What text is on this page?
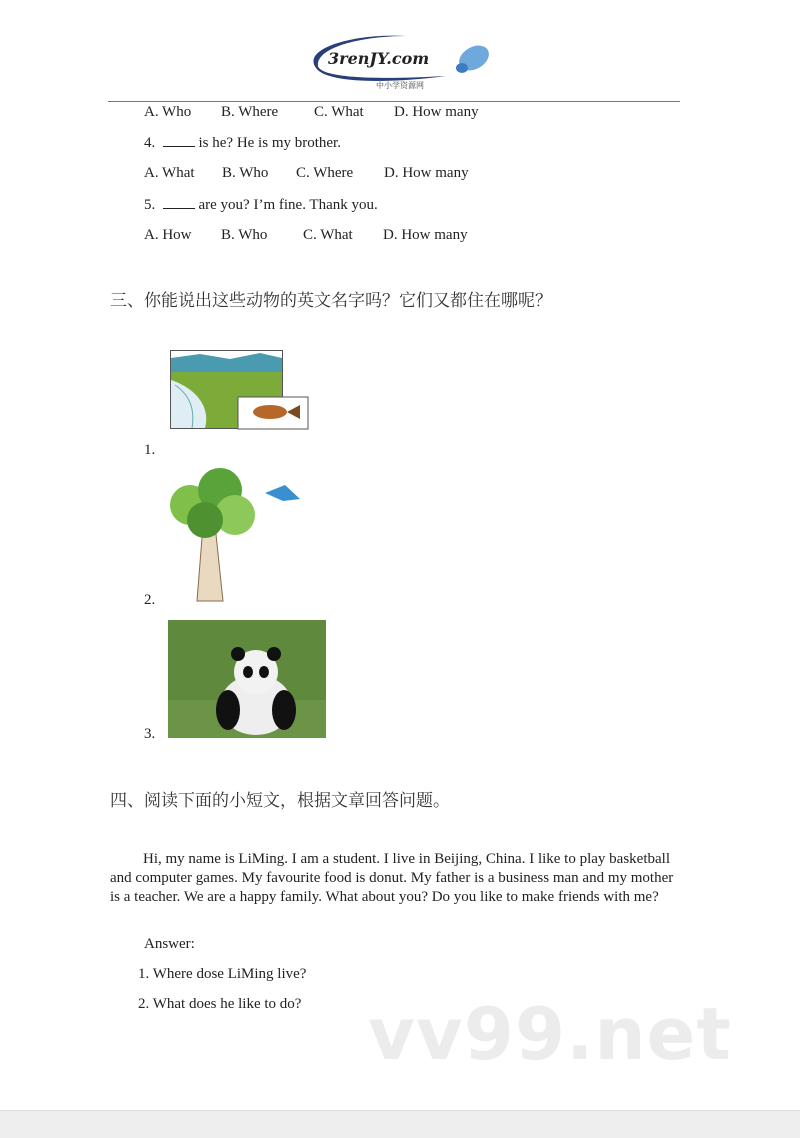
3renJY.com
中小学资源网
A. Who B. Where C. What D. How many
4.	is he? He is my brother.
A. What B. Who C. Where D. How many
5.	are you? I’m fine. Thank you.
A. How B. Who C. What D. How many
三、你能说出这些动物的英文名字吗？它们又都住在哪呢？
1.
2.
3.
四、阅读下面的小短文，根据文章回答问题。
vv99.net
Hi, my name is LiMing. I am a student. I live in Beijing, China. I like to play basketball and computer games. My favourite food is donut. My father is a business man and my mother is a teacher. We are a happy family. What about you? Do you like to make friends with me?
Answer:
1. Where dose LiMing live?
2. What does he like to do?
